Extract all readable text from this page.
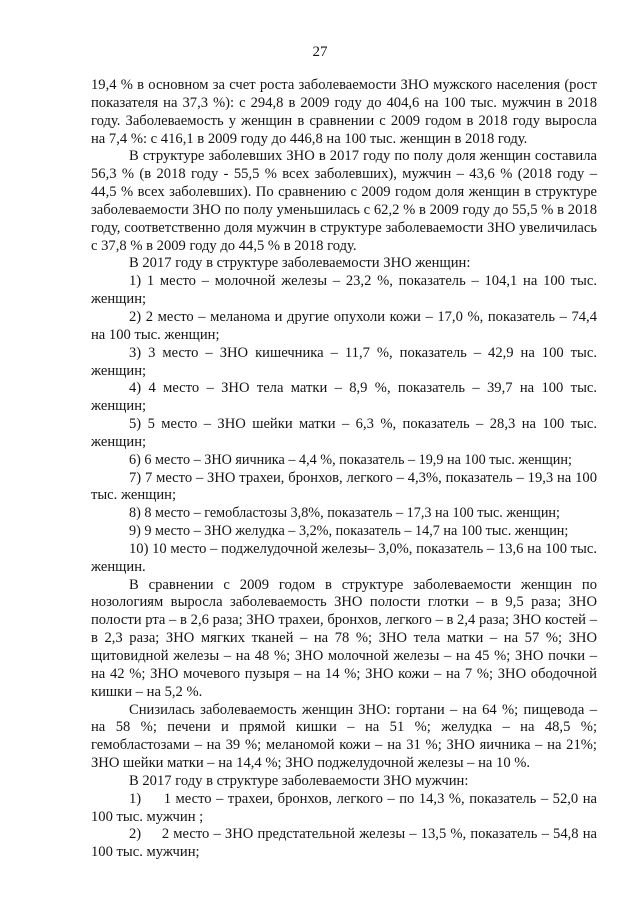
27

19,4 % в основном за счет роста заболеваемости ЗНО мужского населения (рост показателя на 37,3 %): с 294,8 в 2009 году до 404,6 на 100 тыс. мужчин в 2018 году. Заболеваемость у женщин в сравнении с 2009 годом в 2018 году выросла на 7,4 %: с 416,1 в 2009 году до 446,8 на 100 тыс. женщин в 2018 году.

В структуре заболевших ЗНО в 2017 году по полу доля женщин составила 56,3 % (в 2018 году - 55,5 % всех заболевших), мужчин – 43,6 % (2018 году – 44,5 % всех заболевших). По сравнению с 2009 годом доля женщин в структуре заболеваемости ЗНО по полу уменьшилась с 62,2 % в 2009 году до 55,5 % в 2018 году, соответственно доля мужчин в структуре заболеваемости ЗНО увеличилась с 37,8 % в 2009 году до 44,5 % в 2018 году.

В 2017 году в структуре заболеваемости ЗНО женщин:

1) 1 место – молочной железы – 23,2 %, показатель – 104,1 на 100 тыс. женщин;

2) 2 место – меланома и другие опухоли кожи – 17,0 %, показатель – 74,4 на 100 тыс. женщин;

3) 3 место – ЗНО кишечника – 11,7 %, показатель – 42,9 на 100 тыс. женщин;

4) 4 место – ЗНО тела матки – 8,9 %, показатель – 39,7 на 100 тыс. женщин;

5) 5 место – ЗНО шейки матки – 6,3 %, показатель – 28,3 на 100 тыс. женщин;

6) 6 место – ЗНО яичника – 4,4 %, показатель – 19,9 на 100 тыс. женщин;

7) 7 место – ЗНО трахеи, бронхов, легкого – 4,3%, показатель – 19,3 на 100 тыс. женщин;

8) 8 место – гемобластозы 3,8%, показатель – 17,3 на 100 тыс. женщин;

9) 9 место – ЗНО желудка – 3,2%, показатель – 14,7 на 100 тыс. женщин;

10) 10 место – поджелудочной железы– 3,0%, показатель – 13,6 на 100 тыс. женщин.

В сравнении с 2009 годом в структуре заболеваемости женщин по нозологиям выросла заболеваемость ЗНО полости глотки – в 9,5 раза; ЗНО полости рта – в 2,6 раза; ЗНО трахеи, бронхов, легкого – в 2,4 раза; ЗНО костей – в 2,3 раза; ЗНО мягких тканей – на 78 %; ЗНО тела матки – на 57 %; ЗНО щитовидной железы – на 48 %; ЗНО молочной железы – на 45 %; ЗНО почки – на 42 %; ЗНО мочевого пузыря – на 14 %; ЗНО кожи – на 7 %; ЗНО ободочной кишки – на 5,2 %.

Снизилась заболеваемость женщин ЗНО: гортани – на 64 %; пищевода – на 58 %; печени и прямой кишки – на 51 %; желудка – на 48,5 %; гемобластозами – на 39 %; меланомой кожи – на 31 %; ЗНО яичника – на 21%; ЗНО шейки матки – на 14,4 %; ЗНО поджелудочной железы – на 10 %.

В 2017 году в структуре заболеваемости ЗНО мужчин:

1)     1 место – трахеи, бронхов, легкого – по 14,3 %, показатель – 52,0 на 100 тыс. мужчин ;

2)     2 место – ЗНО предстательной железы – 13,5 %, показатель – 54,8 на 100 тыс. мужчин;
